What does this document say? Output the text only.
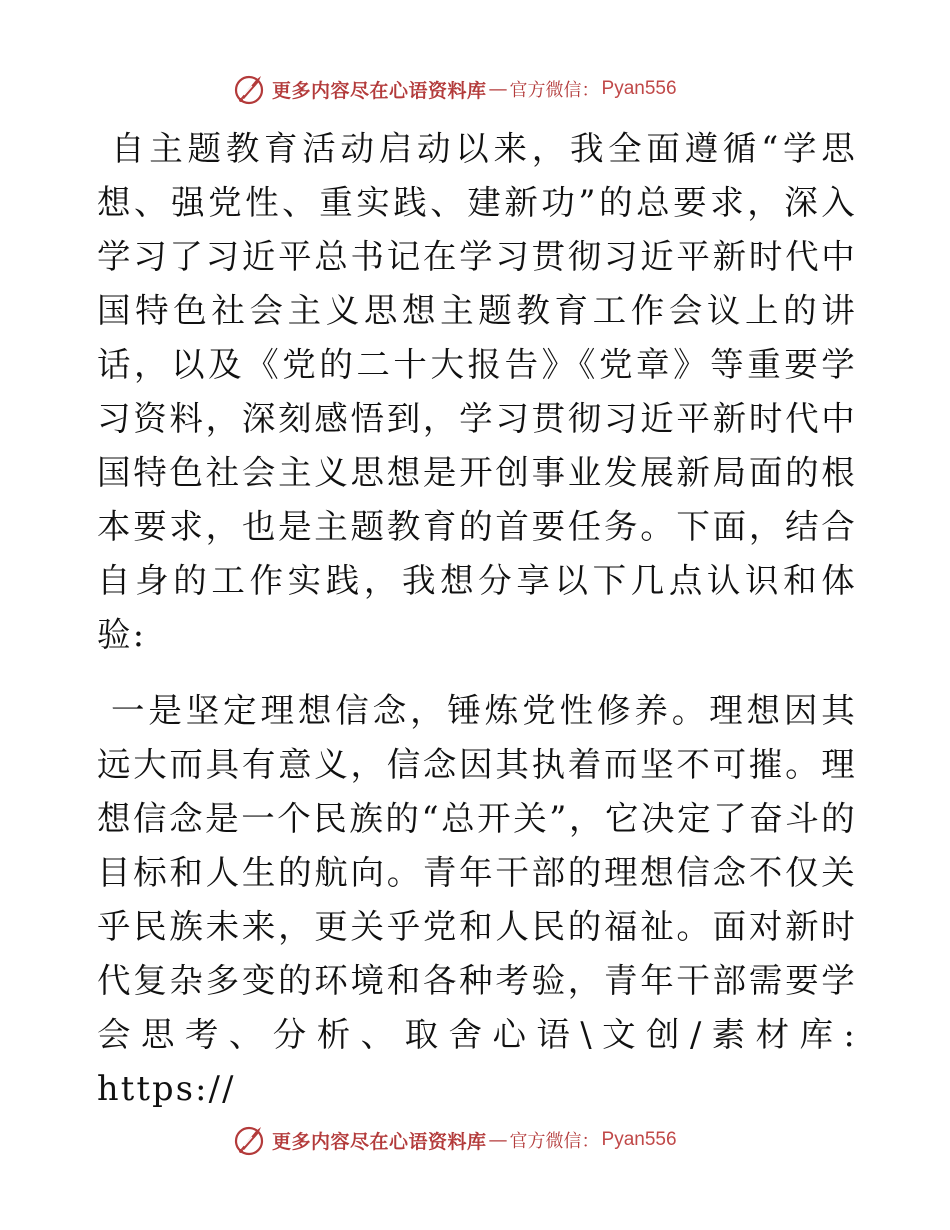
更多内容尽在心语资料库 — 官方微信： Pyan556

自主题教育活动启动以来，我全面遵循“学思想、强党性、重实践、建新功”的总要求，深入学习了习近平总书记在学习贯彻习近平新时代中国特色社会主义思想主题教育工作会议上的讲话，以及《党的二十大报告》《党章》等重要学习资料，深刻感悟到，学习贯彻习近平新时代中国特色社会主义思想是开创事业发展新局面的根本要求，也是主题教育的首要任务。下面，结合自身的工作实践，我想分享以下几点认识和体验:

一是坚定理想信念，锤炼党性修养。理想因其远大而具有意义，信念因其执着而坚不可摧。理想信念是一个民族的“总开关”，它决定了奋斗的目标和人生的航向。青年干部的理想信念不仅关乎民族未来，更关乎党和人民的福祉。面对新时代复杂多变的环境和各种考验，青年干部需要学会思考、分析、取舍心语\文创/素材库: https://

更多内容尽在心语资料库 — 官方微信： Pyan556
